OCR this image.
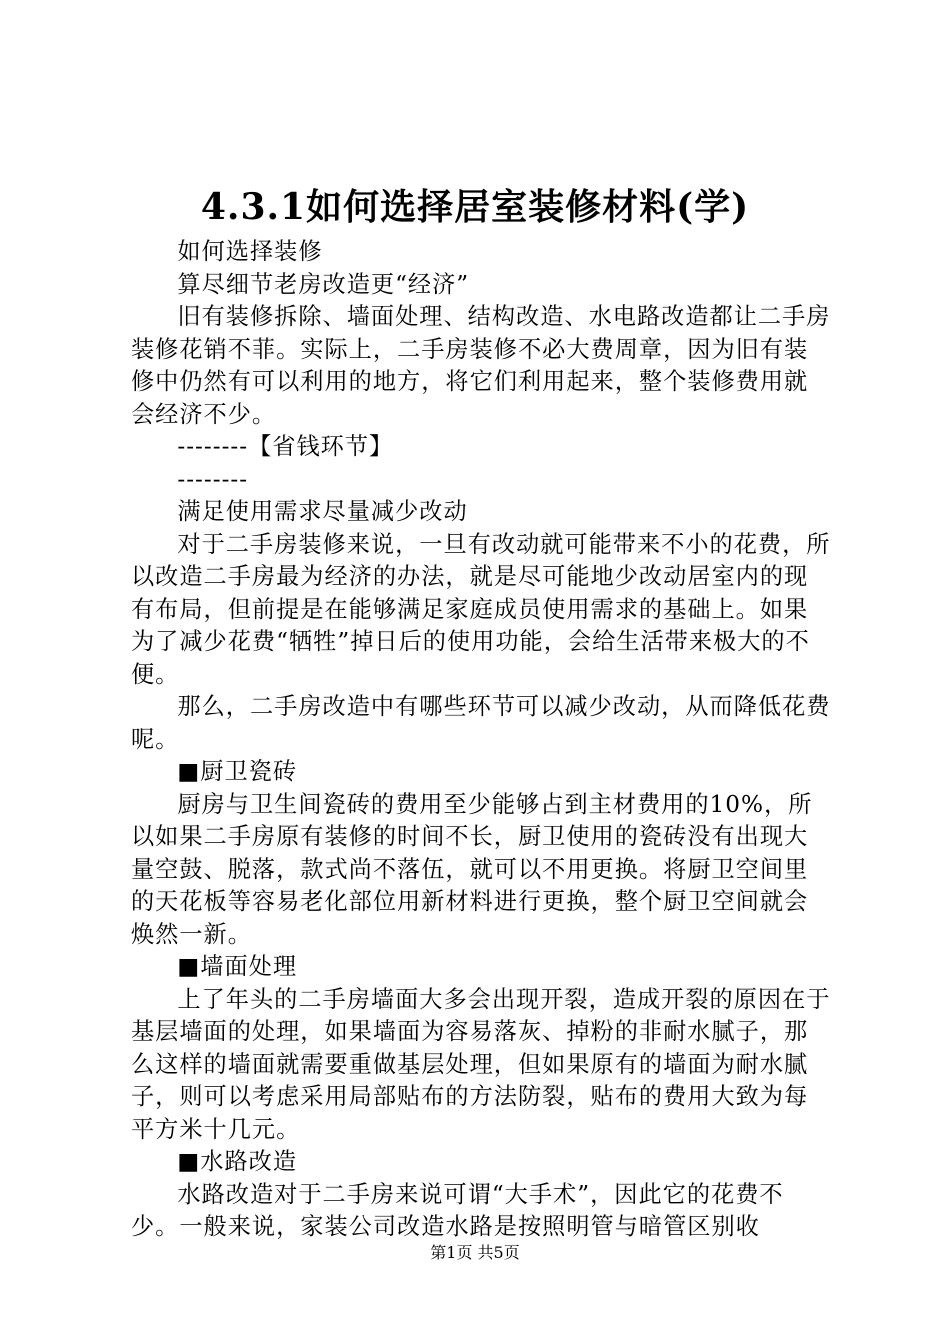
4.3.1如何选择居室装修材料(学)

如何选择装修

算尽细节老房改造更“经济”

旧有装修拆除、墙面处理、结构改造、水电路改造都让二手房装修花销不菲。实际上，二手房装修不必大费周章，因为旧有装修中仍然有可以利用的地方，将它们利用起来，整个装修费用就会经济不少。

--------【省钱环节】

--------

满足使用需求尽量减少改动

对于二手房装修来说，一旦有改动就可能带来不小的花费，所以改造二手房最为经济的办法，就是尽可能地少改动居室内的现有布局，但前提是在能够满足家庭成员使用需求的基础上。如果为了减少花费“牺牲”掉日后的使用功能，会给生活带来极大的不便。

那么，二手房改造中有哪些环节可以减少改动，从而降低花费呢。

■厨卫瓷砖

厨房与卫生间瓷砖的费用至少能够占到主材费用的10%，所以如果二手房原有装修的时间不长，厨卫使用的瓷砖没有出现大量空鼓、脱落，款式尚不落伍，就可以不用更换。将厨卫空间里的天花板等容易老化部位用新材料进行更换，整个厨卫空间就会焕然一新。

■墙面处理

上了年头的二手房墙面大多会出现开裂，造成开裂的原因在于基层墙面的处理，如果墙面为容易落灰、掉粉的非耐水腻子，那么这样的墙面就需要重做基层处理，但如果原有的墙面为耐水腻子，则可以考虑采用局部贴布的方法防裂，贴布的费用大致为每平方米十几元。

■水路改造

水路改造对于二手房来说可谓“大手术”，因此它的花费不少。一般来说，家装公司改造水路是按照明管与暗管区别收

第1页 共5页
